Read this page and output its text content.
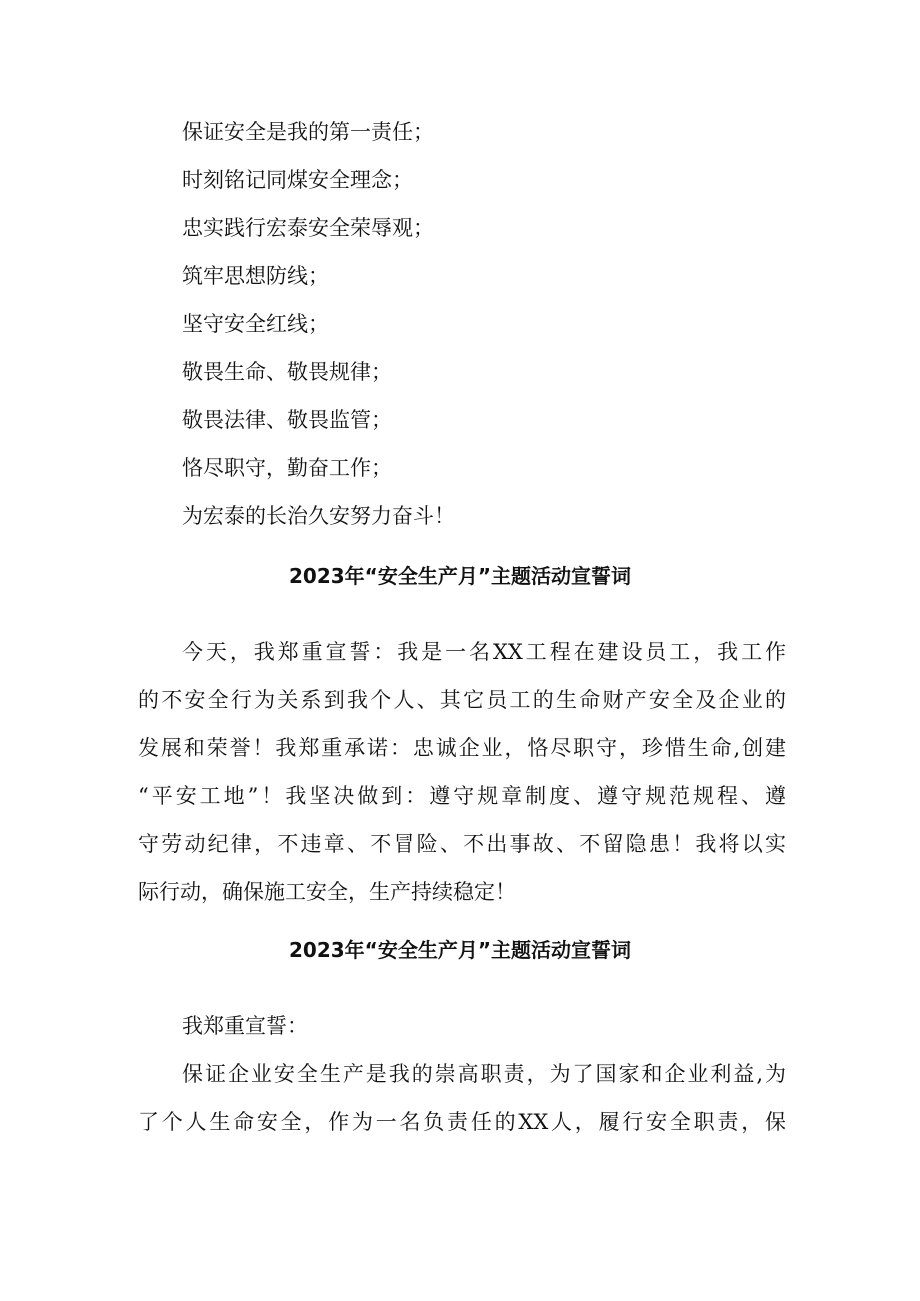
保证安全是我的第一责任；
时刻铭记同煤安全理念；
忠实践行宏泰安全荣辱观；
筑牢思想防线；
坚守安全红线；
敬畏生命、敬畏规律；
敬畏法律、敬畏监管；
恪尽职守，勤奋工作；
为宏泰的长治久安努力奋斗！
2023年“安全生产月”主题活动宣誓词
今天，我郑重宣誓：我是一名XX工程在建设员工，我工作
的不安全行为关系到我个人、其它员工的生命财产安全及企业的
发展和荣誉！我郑重承诺：忠诚企业，恪尽职守，珍惜生命,创建
“平安工地”！我坚决做到：遵守规章制度、遵守规范规程、遵
守劳动纪律，不违章、不冒险、不出事故、不留隐患！我将以实
际行动，确保施工安全，生产持续稳定！
2023年“安全生产月”主题活动宣誓词
我郑重宣誓：
保证企业安全生产是我的崇高职责，为了国家和企业利益,为
了个人生命安全，作为一名负责任的XX人，履行安全职责，保
